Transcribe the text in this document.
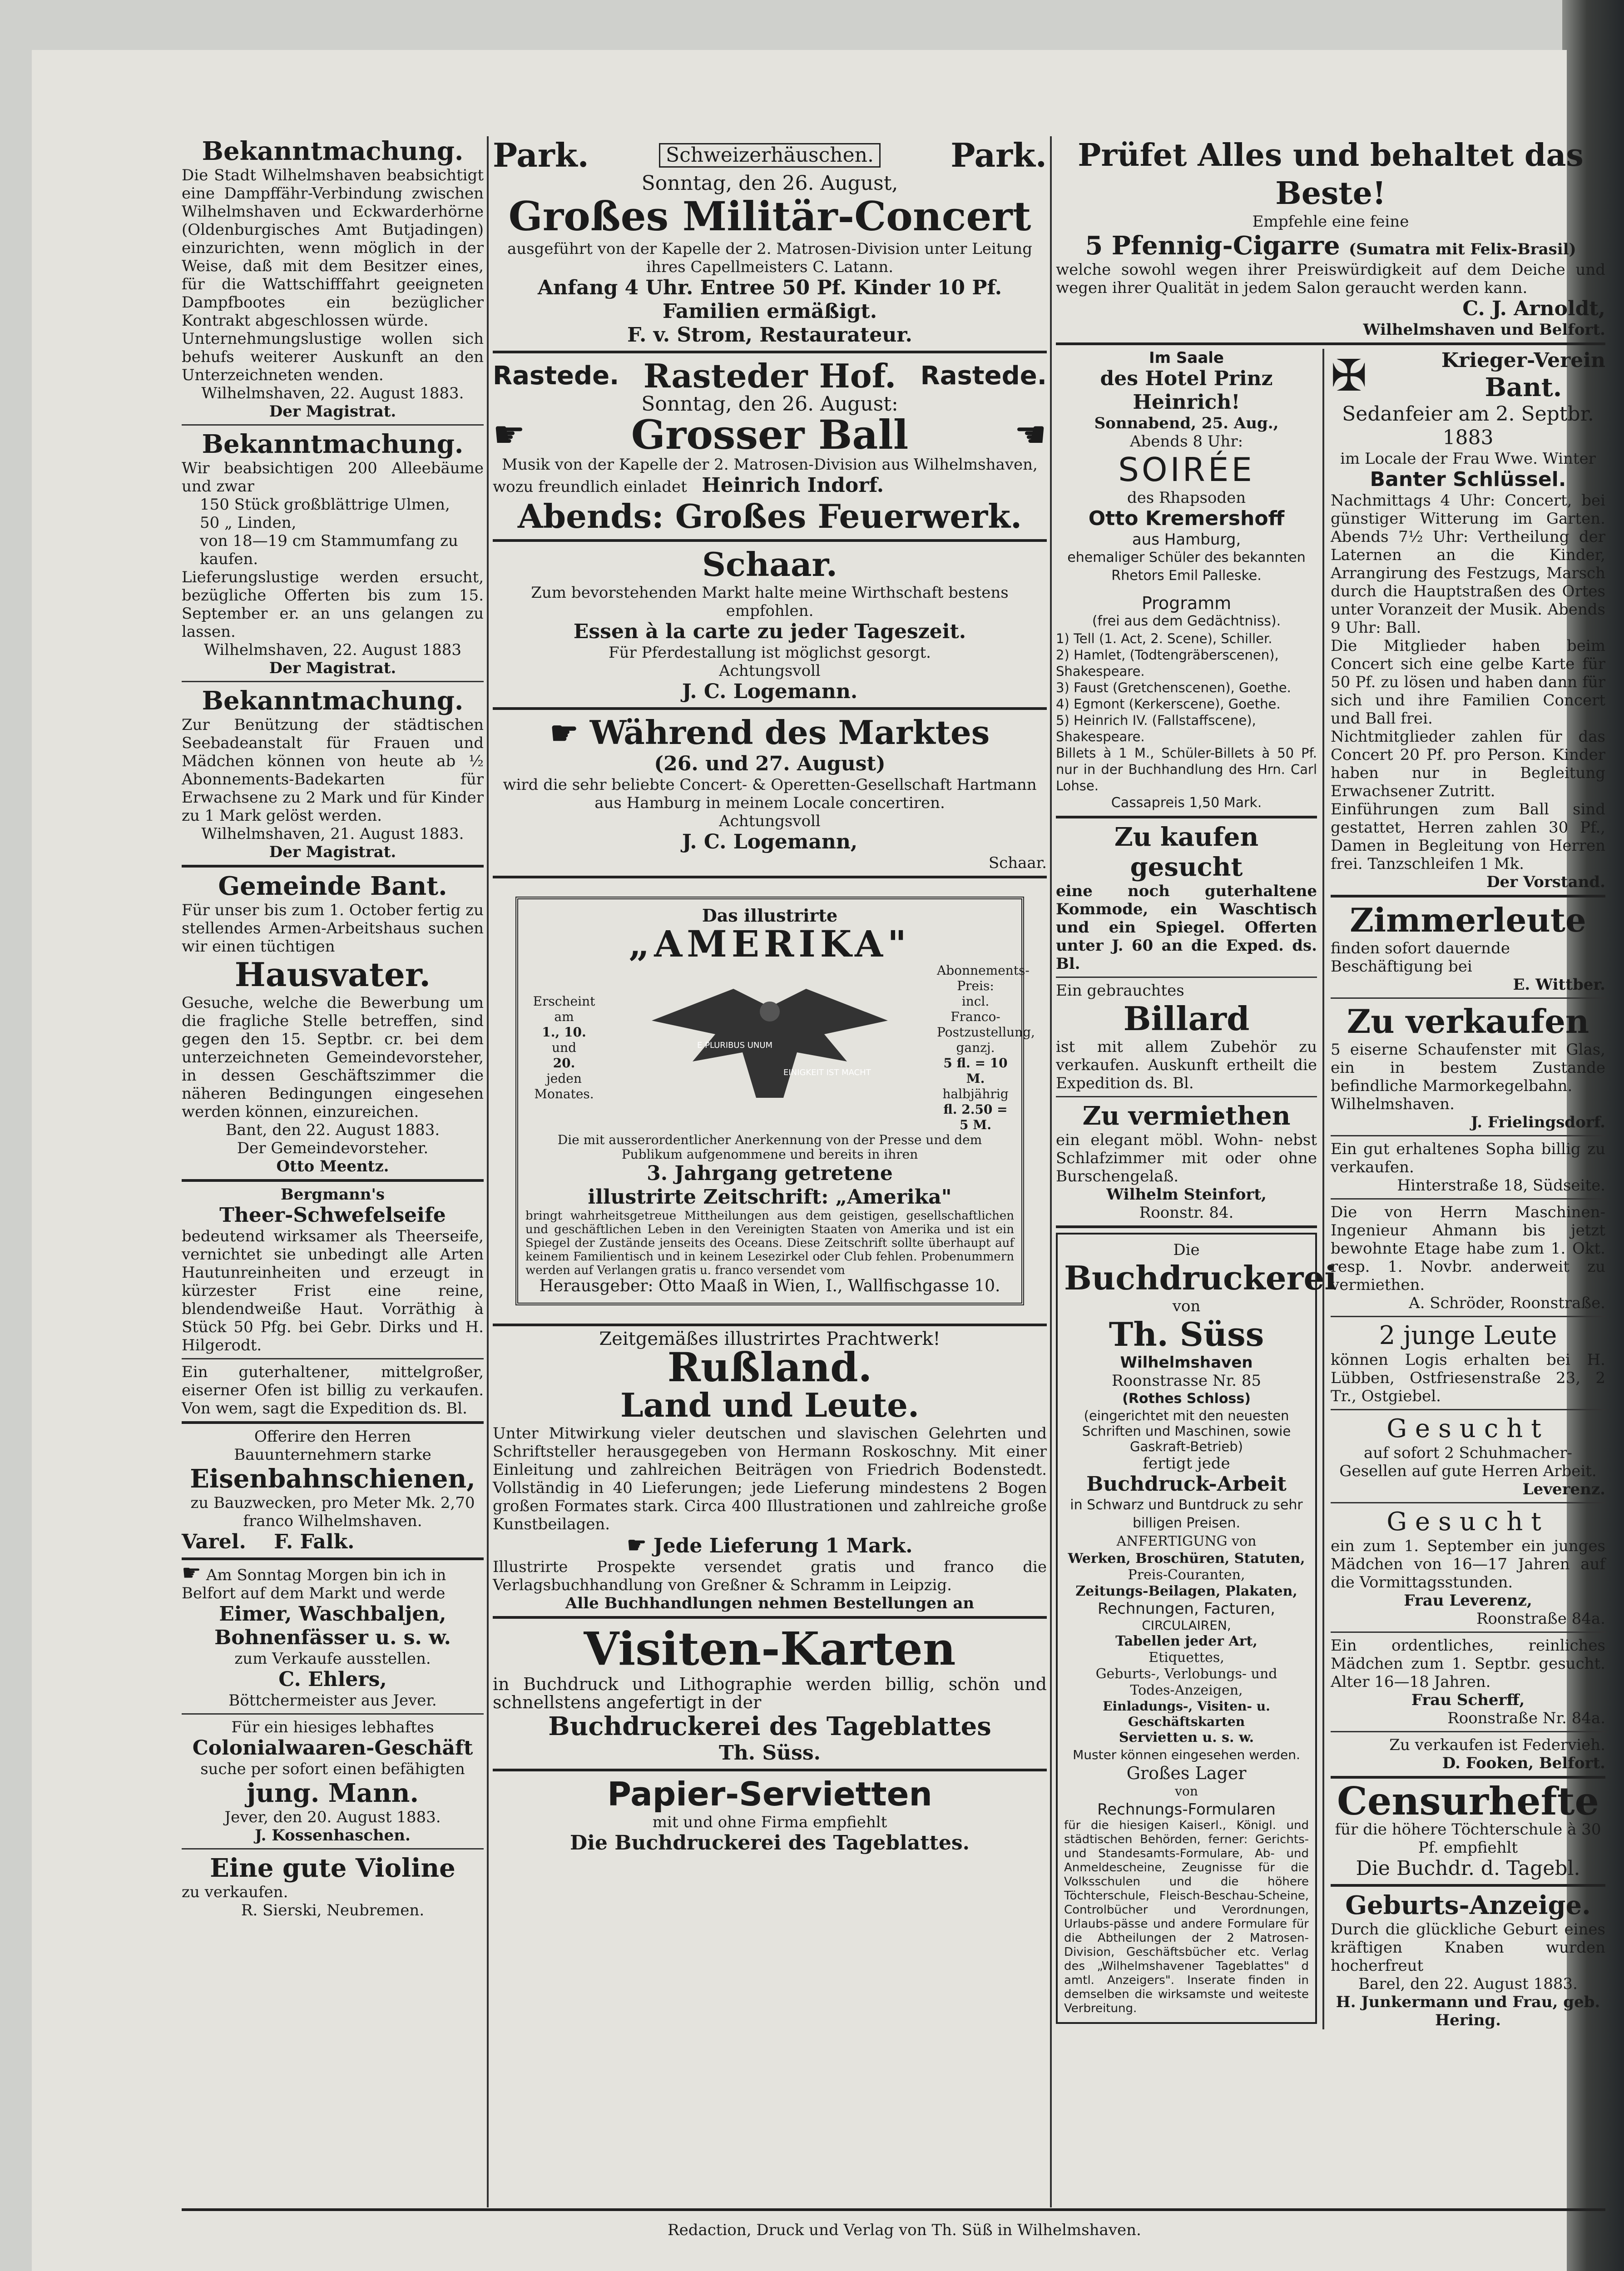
Bekanntmachung.

Die Stadt Wilhelmshaven beabsichtigt eine Dampffähr-Verbindung zwischen Wilhelmshaven und Eckwarderhörne (Oldenburgisches Amt Butjadingen) einzurichten, wenn möglich in der Weise, daß mit dem Besitzer eines, für die Wattschifffahrt geeigneten Dampfbootes ein bezüglicher Kontrakt abgeschlossen würde.

Unternehmungslustige wollen sich behufs weiterer Auskunft an den Unterzeichneten wenden.

Wilhelmshaven, 22. August 1883.

Der Magistrat.

Bekanntmachung.

Wir beabsichtigen 200 Alleebäume und zwar

150 Stück großblättrige Ulmen,

50 „ Linden,

von 18—19 cm Stammumfang zu kaufen.

Lieferungslustige werden ersucht, bezügliche Offerten bis zum 15. September er. an uns gelangen zu lassen.

Wilhelmshaven, 22. August 1883

Der Magistrat.

Bekanntmachung.

Zur Benützung der städtischen Seebadeanstalt für Frauen und Mädchen können von heute ab ½ Abonnements-Badekarten für Erwachsene zu 2 Mark und für Kinder zu 1 Mark gelöst werden.

Wilhelmshaven, 21. August 1883.

Der Magistrat.

Gemeinde Bant.

Für unser bis zum 1. October fertig zu stellendes Armen-Arbeitshaus suchen wir einen tüchtigen

Hausvater.

Gesuche, welche die Bewerbung um die fragliche Stelle betreffen, sind gegen den 15. Septbr. cr. bei dem unterzeichneten Gemeindevorsteher, in dessen Geschäftszimmer die näheren Bedingungen eingesehen werden können, einzureichen.

Bant, den 22. August 1883.

Der Gemeindevorsteher.

Otto Meentz.

Bergmann's

Theer-Schwefelseife

bedeutend wirksamer als Theerseife, vernichtet sie unbedingt alle Arten Hautunreinheiten und erzeugt in kürzester Frist eine reine, blendendweiße Haut. Vorräthig à Stück 50 Pfg. bei Gebr. Dirks und H. Hilgerodt.

Ein guterhaltener, mittelgroßer, eiserner Ofen ist billig zu verkaufen. Von wem, sagt die Expedition ds. Bl.

Offerire den Herren Bauunternehmern starke

Eisenbahnschienen,

zu Bauzwecken, pro Meter Mk. 2,70 franco Wilhelmshaven.

Varel. F. Falk.

☛ Am Sonntag Morgen bin ich in Belfort auf dem Markt und werde

Eimer, Waschbaljen, Bohnenfässer u. s. w.

zum Verkaufe ausstellen.

C. Ehlers,

Böttchermeister aus Jever.

Für ein hiesiges lebhaftes

Colonialwaaren-Geschäft

suche per sofort einen befähigten

jung. Mann.

Jever, den 20. August 1883.

J. Kossenhaschen.

Eine gute Violine

zu verkaufen.

R. Sierski, Neubremen.

Park.	Schweizerhäuschen. Park.

Sonntag, den 26. August,

Großes Militär-Concert

ausgeführt von der Kapelle der 2. Matrosen-Division unter Leitung ihres Capellmeisters C. Latann.

Anfang 4 Uhr. Entree 50 Pf. Kinder 10 Pf.

Familien ermäßigt.

F. v. Strom, Restaurateur.

Rastede. Rasteder Hof. Rastede.

Sonntag, den 26. August:

☛	Grosser Ball	☚

Musik von der Kapelle der 2. Matrosen-Division aus Wilhelmshaven,

wozu freundlich einladet Heinrich Indorf.

Abends: Großes Feuerwerk.

Schaar.

Zum bevorstehenden Markt halte meine Wirthschaft bestens empfohlen.

Essen à la carte zu jeder Tageszeit.

Für Pferdestallung ist möglichst gesorgt.

Achtungsvoll

J. C. Logemann.

☛ Während des Marktes

(26. und 27. August)

wird die sehr beliebte Concert- & Operetten-Gesellschaft Hartmann aus Hamburg in meinem Locale concertiren.

Achtungsvoll

J. C. Logemann,

Schaar.

Das illustrirte

„AMERIKA"

Erscheint
am
1., 10.
und
20.
jeden Monates.
E PLURIBUS UNUM
EINIGKEIT IST MACHT
Abonnements-Preis:
incl. Franco-Postzustellung, ganzj.
5 fl. = 10 M.
halbjährig
fl. 2.50 = 5 M.

Die mit ausserordentlicher Anerkennung von der Presse und dem Publikum aufgenommene und bereits in ihren

3. Jahrgang getretene

illustrirte Zeitschrift: „Amerika"

bringt wahrheitsgetreue Mittheilungen aus dem geistigen, gesellschaftlichen und geschäftlichen Leben in den Vereinigten Staaten von Amerika und ist ein Spiegel der Zustände jenseits des Oceans. Diese Zeitschrift sollte überhaupt auf keinem Familientisch und in keinem Lesezirkel oder Club fehlen. Probenummern werden auf Verlangen gratis u. franco versendet vom

Herausgeber: Otto Maaß in Wien, I., Wallfischgasse 10.

Zeitgemäßes illustrirtes Prachtwerk!

Rußland.

Land und Leute.

Unter Mitwirkung vieler deutschen und slavischen Gelehrten und Schriftsteller herausgegeben von Hermann Roskoschny. Mit einer Einleitung und zahlreichen Beiträgen von Friedrich Bodenstedt. Vollständig in 40 Lieferungen; jede Lieferung mindestens 2 Bogen großen Formates stark. Circa 400 Illustrationen und zahlreiche große Kunstbeilagen.

☛ Jede Lieferung 1 Mark.

Illustrirte Prospekte versendet gratis und franco die Verlagsbuchhandlung von Greßner & Schramm in Leipzig.

Alle Buchhandlungen nehmen Bestellungen an

Visiten-Karten

in Buchdruck und Lithographie werden billig, schön und schnellstens angefertigt in der

Buchdruckerei des Tageblattes

Th. Süss.

Papier-Servietten

mit und ohne Firma empfiehlt

Die Buchdruckerei des Tageblattes.

Prüfet Alles und behaltet das Beste!

Empfehle eine feine

5 Pfennig-Cigarre (Sumatra mit Felix-Brasil)

welche sowohl wegen ihrer Preiswürdigkeit auf dem Deiche und wegen ihrer Qualität in jedem Salon geraucht werden kann.

C. J. Arnoldt,

Wilhelmshaven und Belfort.

Im Saale

des Hotel Prinz Heinrich!

Sonnabend, 25. Aug.,

Abends 8 Uhr:

SOIRÉE

des Rhapsoden

Otto Kremershoff

aus Hamburg,

ehemaliger Schüler des bekannten Rhetors Emil Palleske.

Programm

(frei aus dem Gedächtniss).

1) Tell (1. Act, 2. Scene), Schiller.

2) Hamlet, (Todtengräberscenen), Shakespeare.

3) Faust (Gretchenscenen), Goethe.

4) Egmont (Kerkerscene), Goethe.

5) Heinrich IV. (Fallstaffscene), Shakespeare.

Billets à 1 M., Schüler-Billets à 50 Pf. nur in der Buchhandlung des Hrn. Carl Lohse.

Cassapreis 1,50 Mark.

Zu kaufen gesucht

eine noch guterhaltene Kommode, ein Waschtisch und ein Spiegel. Offerten unter J. 60 an die Exped. ds. Bl.

Ein gebrauchtes

Billard

ist mit allem Zubehör zu verkaufen. Auskunft ertheilt die Expedition ds. Bl.

Zu vermiethen

ein elegant möbl. Wohn- nebst Schlafzimmer mit oder ohne Burschengelaß.

Wilhelm Steinfort,

Roonstr. 84.

Die

Buchdruckerei

von

Th. Süss

Wilhelmshaven

Roonstrasse Nr. 85

(Rothes Schloss)

(eingerichtet mit den neuesten Schriften und Maschinen, sowie Gaskraft-Betrieb)

fertigt jede

Buchdruck-Arbeit

in Schwarz und Buntdruck zu sehr billigen Preisen.

ANFERTIGUNG von

Werken, Broschüren, Statuten,

Preis-Couranten,

Zeitungs-Beilagen, Plakaten,

Rechnungen, Facturen,

CIRCULAIREN,

Tabellen jeder Art,

Etiquettes,

Geburts-, Verlobungs- und

Todes-Anzeigen,

Einladungs-, Visiten- u. Geschäftskarten

Servietten u. s. w.

Muster können eingesehen werden.

Großes Lager

von

Rechnungs-Formularen

für die hiesigen Kaiserl., Königl. und städtischen Behörden, ferner: Gerichts- und Standesamts-Formulare, Ab- und Anmeldescheine, Zeugnisse für die Volksschulen und die höhere Töchterschule, Fleisch-Beschau-Scheine, Controlbücher und Verordnungen, Urlaubs-pässe und andere Formulare für die Abtheilungen der 2 Matrosen-Division, Geschäftsbücher etc. Verlag des „Wilhelmshavener Tageblattes" d amtl. Anzeigers". Inserate finden in demselben die wirksamste und weiteste Verbreitung.

✠	Krieger-Verein

Bant.

Sedanfeier am 2. Septbr.

1883

im Locale der Frau Wwe. Winter

Banter Schlüssel.

Nachmittags 4 Uhr: Concert, bei günstiger Witterung im Garten. Abends 7½ Uhr: Vertheilung der Laternen an die Kinder, Arrangirung des Festzugs, Marsch durch die Hauptstraßen des Ortes unter Voranzeit der Musik. Abends 9 Uhr: Ball.

Die Mitglieder haben beim Concert sich eine gelbe Karte für 50 Pf. zu lösen und haben dann für sich und ihre Familien Concert und Ball frei.

Nichtmitglieder zahlen für das Concert 20 Pf. pro Person. Kinder haben nur in Begleitung Erwachsener Zutritt.

Einführungen zum Ball sind gestattet, Herren zahlen 30 Pf., Damen in Begleitung von Herren frei. Tanzschleifen 1 Mk.

Der Vorstand.

Zimmerleute

finden sofort dauernde Beschäftigung bei

E. Wittber.

Zu verkaufen

5 eiserne Schaufenster mit Glas, ein in bestem Zustande befindliche Marmorkegelbahn.

Wilhelmshaven.

J. Frielingsdorf.

Ein gut erhaltenes Sopha billig zu verkaufen.

Hinterstraße 18, Südseite.

Die von Herrn Maschinen-Ingenieur Ahmann bis jetzt bewohnte Etage habe zum 1. Okt. resp. 1. Novbr. anderweit zu vermiethen.

A. Schröder, Roonstraße.

2 junge Leute

können Logis erhalten bei H. Lübben, Ostfriesenstraße 23, 2 Tr., Ostgiebel.

Gesucht

auf sofort 2 Schuhmacher-Gesellen auf gute Herren Arbeit.

Leverenz.

Gesucht

ein zum 1. September ein junges Mädchen von 16—17 Jahren auf die Vormittagsstunden.

Frau Leverenz,

Roonstraße 84a.

Ein ordentliches, reinliches Mädchen zum 1. Septbr. gesucht. Alter 16—18 Jahren.

Frau Scherff,

Roonstraße Nr. 84a.

Zu verkaufen ist Federvieh.

D. Fooken, Belfort.

Censurhefte

für die höhere Töchterschule à 30 Pf. empfiehlt

Die Buchdr. d. Tagebl.

Geburts-Anzeige.

Durch die glückliche Geburt eines kräftigen Knaben wurden hocherfreut

Barel, den 22. August 1883.

H. Junkermann und Frau, geb. Hering.

Redaction, Druck und Verlag von Th. Süß in Wilhelmshaven.
